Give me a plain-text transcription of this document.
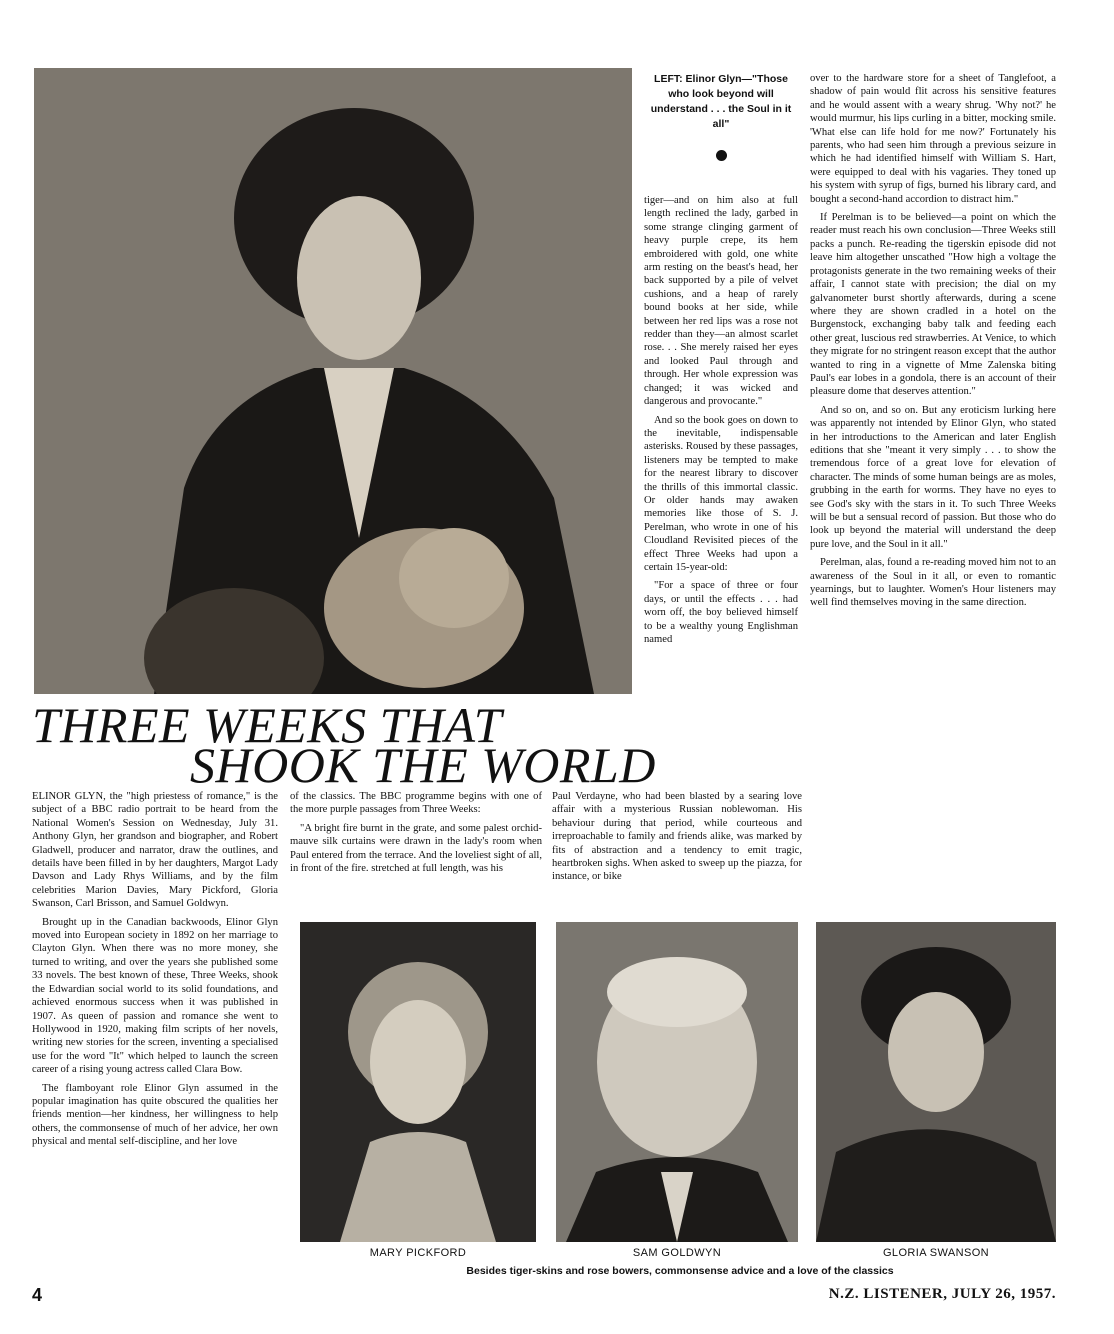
LEFT: Elinor Glyn—"Those who look beyond will understand . . . the Soul in it all"

tiger—and on him also at full length reclined the lady, garbed in some strange clinging garment of heavy purple crepe, its hem embroidered with gold, one white arm resting on the beast's head, her back supported by a pile of velvet cushions, and a heap of rarely bound books at her side, while between her red lips was a rose not redder than they—an almost scarlet rose. . . She merely raised her eyes and looked Paul through and through. Her whole expression was changed; it was wicked and dangerous and provocante."

And so the book goes on down to the inevitable, indispensable asterisks. Roused by these passages, listeners may be tempted to make for the nearest library to discover the thrills of this immortal classic. Or older hands may awaken memories like those of S. J. Perelman, who wrote in one of his Cloudland Revisited pieces of the effect Three Weeks had upon a certain 15-year-old:

"For a space of three or four days, or until the effects . . . had worn off, the boy believed himself to be a wealthy young Englishman named

over to the hardware store for a sheet of Tanglefoot, a shadow of pain would flit across his sensitive features and he would assent with a weary shrug. 'Why not?' he would murmur, his lips curling in a bitter, mocking smile. 'What else can life hold for me now?' Fortunately his parents, who had seen him through a previous seizure in which he had identified himself with William S. Hart, were equipped to deal with his vagaries. They toned up his system with syrup of figs, burned his library card, and bought a second-hand accordion to distract him."

If Perelman is to be believed—a point on which the reader must reach his own conclusion—Three Weeks still packs a punch. Re-reading the tigerskin episode did not leave him altogether unscathed "How high a voltage the protagonists generate in the two remaining weeks of their affair, I cannot state with precision; the dial on my galvanometer burst shortly afterwards, during a scene where they are shown cradled in a hotel on the Burgenstock, exchanging baby talk and feeding each other great, luscious red strawberries. At Venice, to which they migrate for no stringent reason except that the author wanted to ring in a vignette of Mme Zalenska biting Paul's ear lobes in a gondola, there is an account of their pleasure dome that deserves attention."

And so on, and so on. But any eroticism lurking here was apparently not intended by Elinor Glyn, who stated in her introductions to the American and later English editions that she "meant it very simply . . . to show the tremendous force of a great love for elevation of character. The minds of some human beings are as moles, grubbing in the earth for worms. They have no eyes to see God's sky with the stars in it. To such Three Weeks will be but a sensual record of passion. But those who do look up beyond the material will understand the deep pure love, and the Soul in it all."

Perelman, alas, found a re-reading moved him not to an awareness of the Soul in it all, or even to romantic yearnings, but to laughter. Women's Hour listeners may well find themselves moving in the same direction.

THREE WEEKS THAT
SHOOK THE WORLD

ELINOR GLYN, the "high priestess of romance," is the subject of a BBC radio portrait to be heard from the National Women's Session on Wednesday, July 31. Anthony Glyn, her grandson and biographer, and Robert Gladwell, producer and narrator, draw the outlines, and details have been filled in by her daughters, Margot Lady Davson and Lady Rhys Williams, and by the film celebrities Marion Davies, Mary Pickford, Gloria Swanson, Carl Brisson, and Samuel Goldwyn.

Brought up in the Canadian backwoods, Elinor Glyn moved into European society in 1892 on her marriage to Clayton Glyn. When there was no more money, she turned to writing, and over the years she published some 33 novels. The best known of these, Three Weeks, shook the Edwardian social world to its solid foundations, and achieved enormous success when it was published in 1907. As queen of passion and romance she went to Hollywood in 1920, making film scripts of her novels, writing new stories for the screen, inventing a specialised use for the word "It" which helped to launch the screen career of a rising young actress called Clara Bow.

The flamboyant role Elinor Glyn assumed in the popular imagination has quite obscured the qualities her friends mention—her kindness, her willingness to help others, the commonsense of much of her advice, her own physical and mental self-discipline, and her love

of the classics. The BBC programme begins with one of the more purple passages from Three Weeks:

"A bright fire burnt in the grate, and some palest orchid-mauve silk curtains were drawn in the lady's room when Paul entered from the terrace. And the loveliest sight of all, in front of the fire. stretched at full length, was his

Paul Verdayne, who had been blasted by a searing love affair with a mysterious Russian noblewoman. His behaviour during that period, while courteous and irreproachable to family and friends alike, was marked by fits of abstraction and a tendency to emit tragic, heartbroken sighs. When asked to sweep up the piazza, for instance, or bike

MARY PICKFORD	SAM GOLDWYN	GLORIA SWANSON
Besides tiger-skins and rose bowers, commonsense advice and a love of the classics
4	N.Z. LISTENER, JULY 26, 1957.
